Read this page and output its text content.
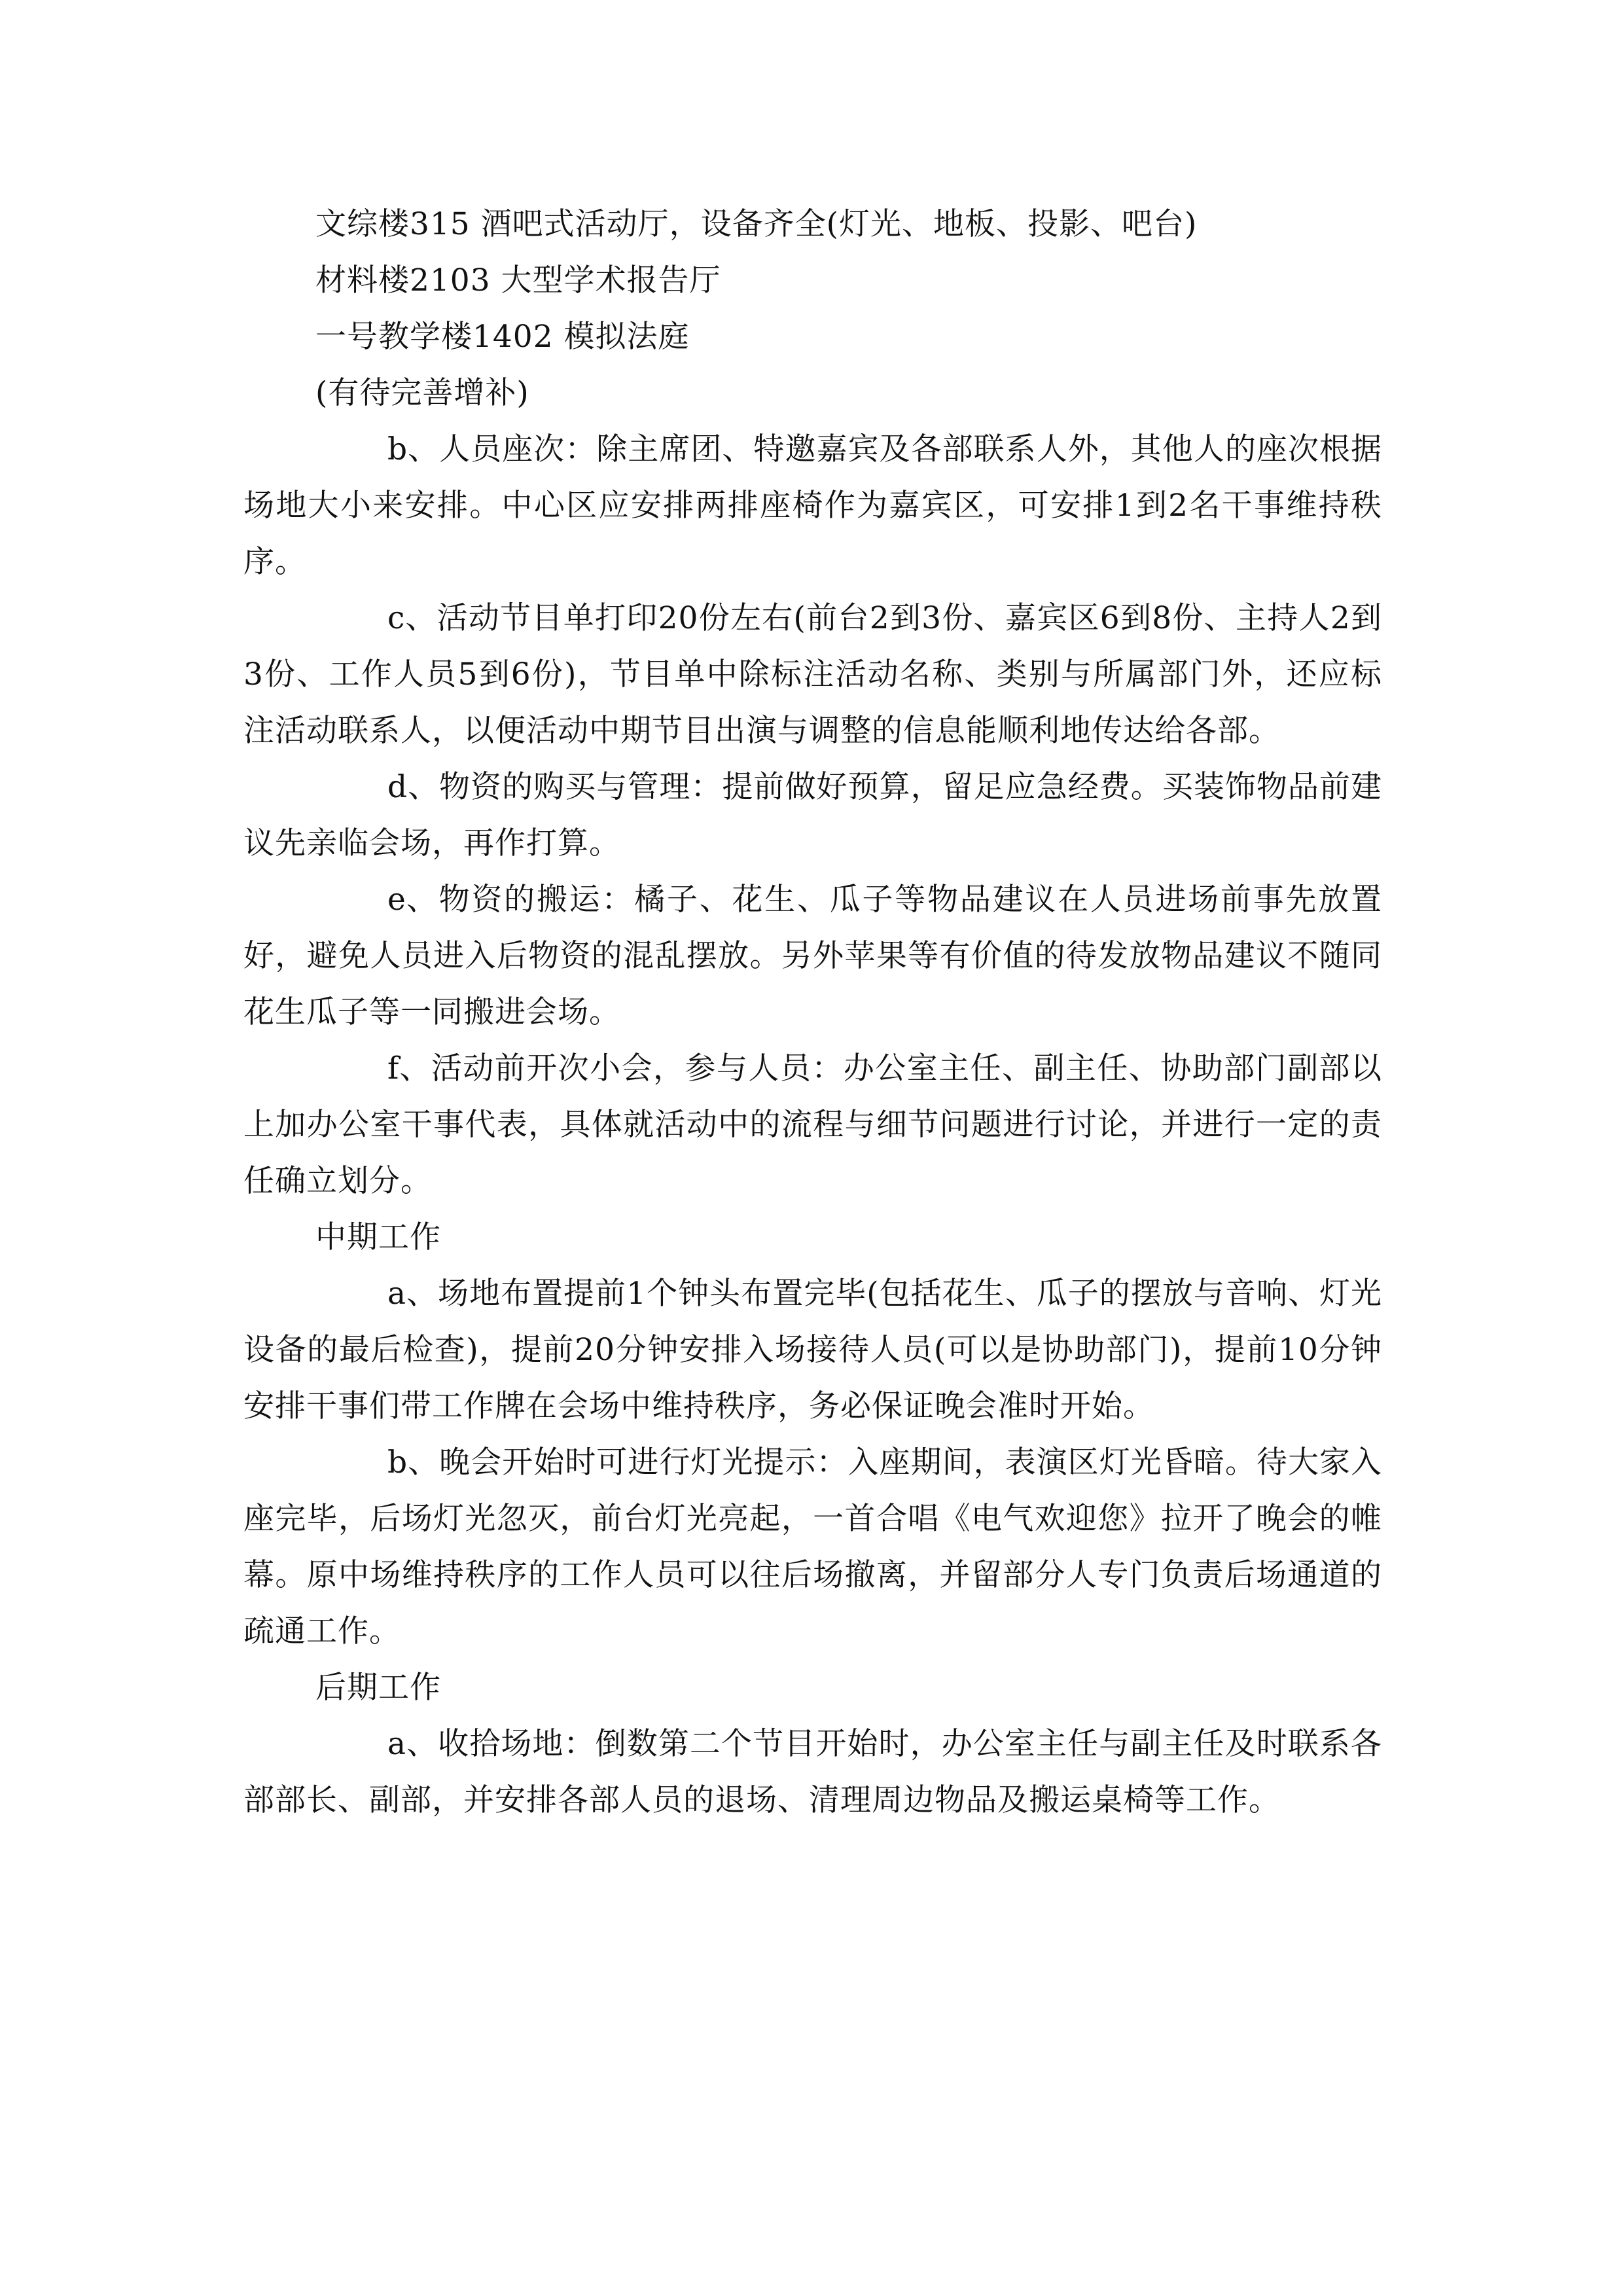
文综楼315 酒吧式活动厅，设备齐全(灯光、地板、投影、吧台)

材料楼2103 大型学术报告厅

一号教学楼1402 模拟法庭

(有待完善增补)

b、人员座次：除主席团、特邀嘉宾及各部联系人外，其他人的座次根据场地大小来安排。中心区应安排两排座椅作为嘉宾区，可安排1到2名干事维持秩序。

c、活动节目单打印20份左右(前台2到3份、嘉宾区6到8份、主持人2到3份、工作人员5到6份)，节目单中除标注活动名称、类别与所属部门外，还应标注活动联系人，以便活动中期节目出演与调整的信息能顺利地传达给各部。

d、物资的购买与管理：提前做好预算，留足应急经费。买装饰物品前建议先亲临会场，再作打算。

e、物资的搬运：橘子、花生、瓜子等物品建议在人员进场前事先放置好，避免人员进入后物资的混乱摆放。另外苹果等有价值的待发放物品建议不随同花生瓜子等一同搬进会场。

f、活动前开次小会，参与人员：办公室主任、副主任、协助部门副部以上加办公室干事代表，具体就活动中的流程与细节问题进行讨论，并进行一定的责任确立划分。

中期工作

a、场地布置提前1个钟头布置完毕(包括花生、瓜子的摆放与音响、灯光设备的最后检查)，提前20分钟安排入场接待人员(可以是协助部门)，提前10分钟安排干事们带工作牌在会场中维持秩序，务必保证晚会准时开始。

b、晚会开始时可进行灯光提示：入座期间，表演区灯光昏暗。待大家入座完毕，后场灯光忽灭，前台灯光亮起，一首合唱《电气欢迎您》拉开了晚会的帷幕。原中场维持秩序的工作人员可以往后场撤离，并留部分人专门负责后场通道的疏通工作。

后期工作

a、收拾场地：倒数第二个节目开始时，办公室主任与副主任及时联系各部部长、副部，并安排各部人员的退场、清理周边物品及搬运桌椅等工作。
